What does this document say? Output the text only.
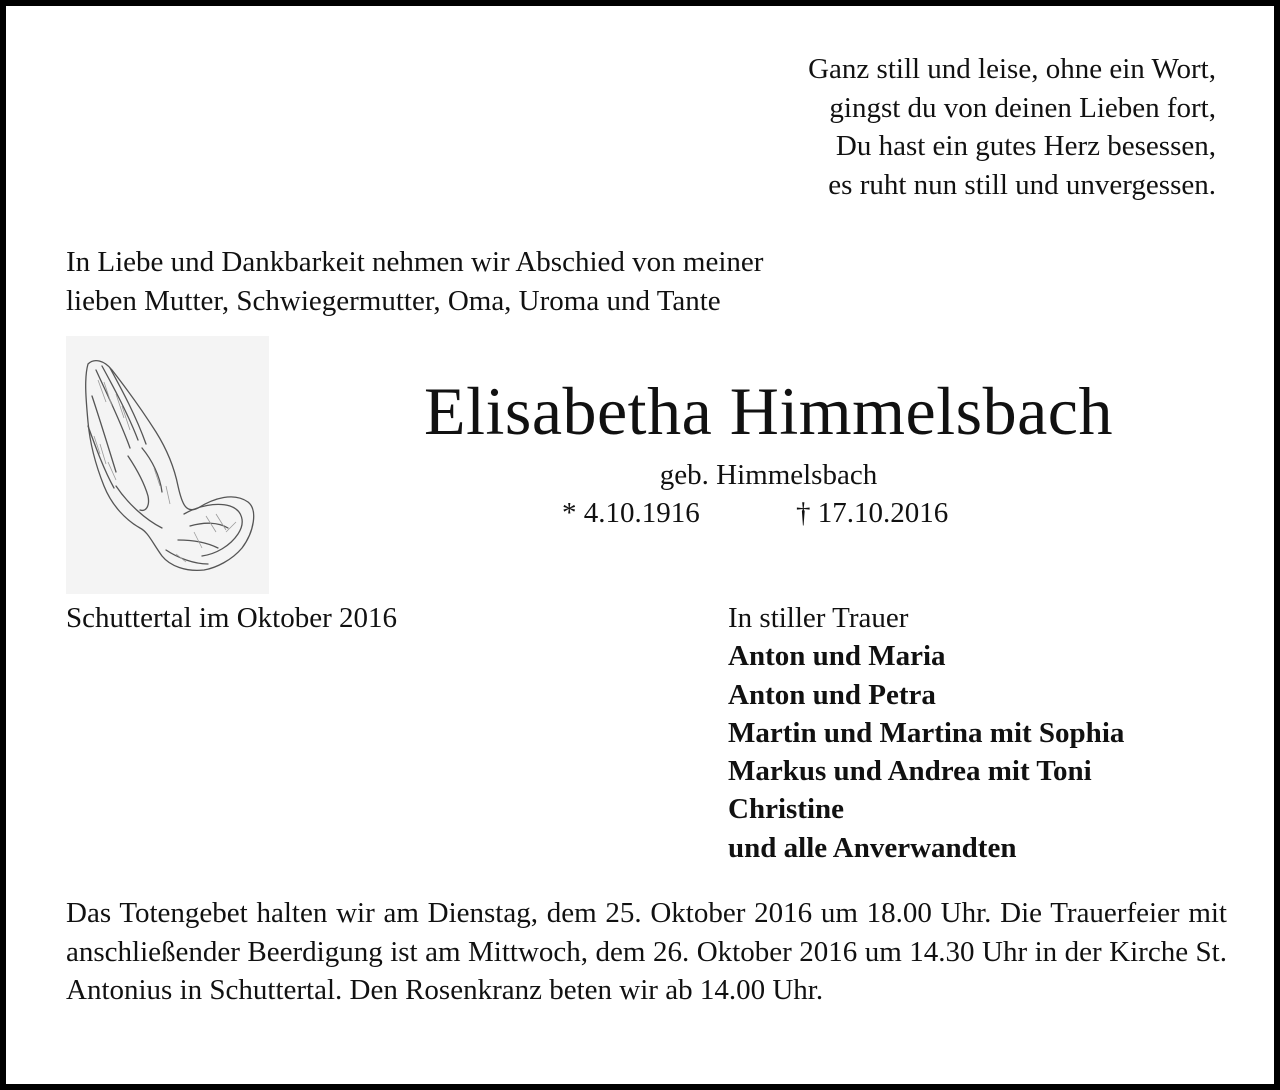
Ganz still und leise, ohne ein Wort,
gingst du von deinen Lieben fort,
Du hast ein gutes Herz besessen,
es ruht nun still und unvergessen.
In Liebe und Dankbarkeit nehmen wir Abschied von meiner
lieben Mutter, Schwiegermutter, Oma, Uroma und Tante
Elisabetha Himmelsbach
geb. Himmelsbach
* 4.10.1916	† 17.10.2016
Schuttertal im Oktober 2016	In stiller Trauer
Anton und Maria
Anton und Petra
Martin und Martina mit Sophia
Markus und Andrea mit Toni
Christine
und alle Anverwandten
Das Totengebet halten wir am Dienstag, dem 25. Oktober 2016 um 18.00 Uhr. Die Trauerfeier mit anschließender Beerdigung ist am Mittwoch, dem 26. Oktober 2016 um 14.30 Uhr in der Kirche St. Antonius in Schuttertal. Den Rosenkranz beten wir ab 14.00 Uhr.
